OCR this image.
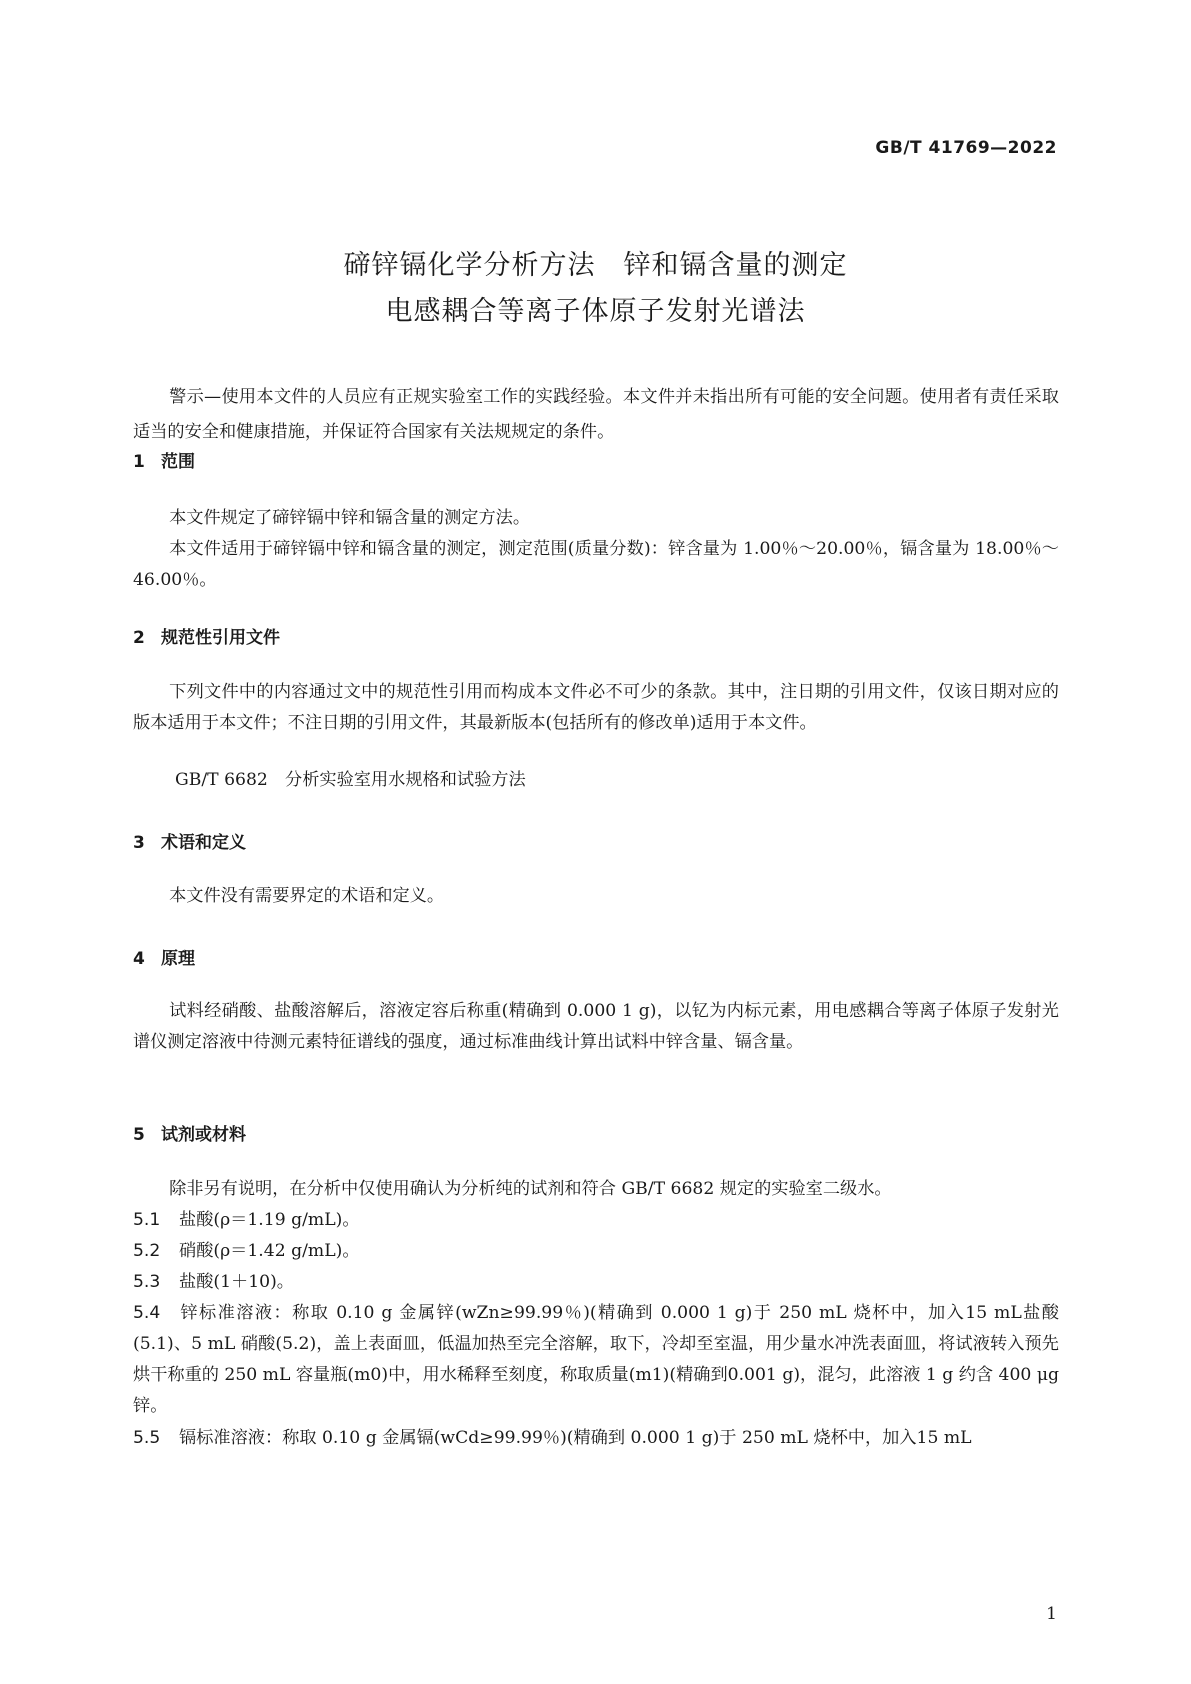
GB/T 41769—2022
碲锌镉化学分析方法　锌和镉含量的测定
电感耦合等离子体原子发射光谱法

警示—使用本文件的人员应有正规实验室工作的实践经验。本文件并未指出所有可能的安全问题。使用者有责任采取适当的安全和健康措施，并保证符合国家有关法规规定的条件。

1 范围

本文件规定了碲锌镉中锌和镉含量的测定方法。

本文件适用于碲锌镉中锌和镉含量的测定，测定范围(质量分数)：锌含量为 1.00％～20.00％，镉含量为 18.00％～46.00％。

2 规范性引用文件

下列文件中的内容通过文中的规范性引用而构成本文件必不可少的条款。其中，注日期的引用文件，仅该日期对应的版本适用于本文件；不注日期的引用文件，其最新版本(包括所有的修改单)适用于本文件。

GB/T 6682　分析实验室用水规格和试验方法

3 术语和定义

本文件没有需要界定的术语和定义。

4 原理

试料经硝酸、盐酸溶解后，溶液定容后称重(精确到 0.000 1 g)，以钇为内标元素，用电感耦合等离子体原子发射光谱仪测定溶液中待测元素特征谱线的强度，通过标准曲线计算出试料中锌含量、镉含量。

5 试剂或材料

除非另有说明，在分析中仅使用确认为分析纯的试剂和符合 GB/T 6682 规定的实验室二级水。

5.1 盐酸(ρ＝1.19 g/mL)。

5.2 硝酸(ρ＝1.42 g/mL)。

5.3 盐酸(1＋10)。

5.4 锌标准溶液：称取 0.10 g 金属锌(wZn≥99.99％)(精确到 0.000 1 g)于 250 mL 烧杯中，加入15 mL盐酸(5.1)、5 mL 硝酸(5.2)，盖上表面皿，低温加热至完全溶解，取下，冷却至室温，用少量水冲洗表面皿，将试液转入预先烘干称重的 250 mL 容量瓶(m0)中，用水稀释至刻度，称取质量(m1)(精确到0.001 g)，混匀，此溶液 1 g 约含 400 μg 锌。

5.5 镉标准溶液：称取 0.10 g 金属镉(wCd≥99.99％)(精确到 0.000 1 g)于 250 mL 烧杯中，加入15 mL

1
